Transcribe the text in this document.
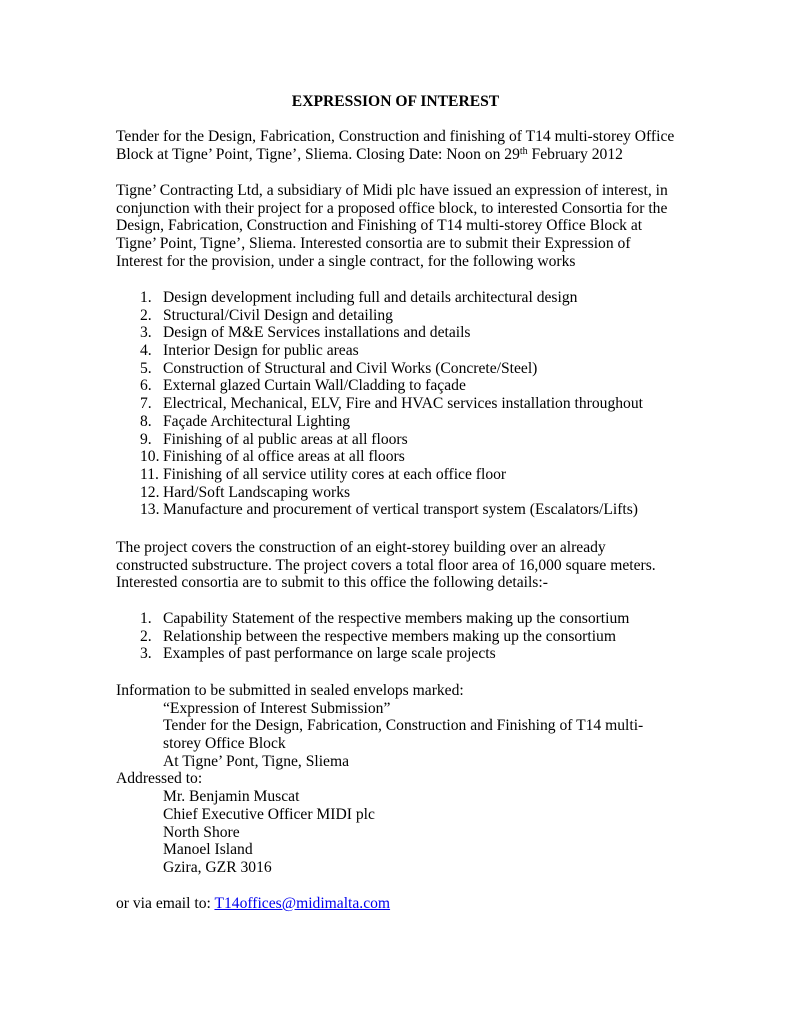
EXPRESSION OF INTEREST
Tender for the Design, Fabrication, Construction and finishing of T14 multi-storey Office
Block at Tigne’ Point, Tigne’, Sliema. Closing Date: Noon on 29th February 2012
Tigne’ Contracting Ltd, a subsidiary of Midi plc have issued an expression of interest, in
conjunction with their project for a proposed office block, to interested Consortia for the
Design, Fabrication, Construction and Finishing of T14 multi-storey Office Block at
Tigne’ Point, Tigne’, Sliema. Interested consortia are to submit their Expression of
Interest for the provision, under a single contract, for the following works
1. Design development including full and details architectural design
2. Structural/Civil Design and detailing
3. Design of M&E Services installations and details
4. Interior Design for public areas
5. Construction of Structural and Civil Works (Concrete/Steel)
6. External glazed Curtain Wall/Cladding to façade
7. Electrical, Mechanical, ELV, Fire and HVAC services installation throughout
8. Façade Architectural Lighting
9. Finishing of al public areas at all floors
10. Finishing of al office areas at all floors
11. Finishing of all service utility cores at each office floor
12. Hard/Soft Landscaping works
13. Manufacture and procurement of vertical transport system (Escalators/Lifts)
The project covers the construction of an eight-storey building over an already
constructed substructure. The project covers a total floor area of 16,000 square meters.
Interested consortia are to submit to this office the following details:-
1. Capability Statement of the respective members making up the consortium
2. Relationship between the respective members making up the consortium
3. Examples of past performance on large scale projects
Information to be submitted in sealed envelops marked:
“Expression of Interest Submission”
Tender for the Design, Fabrication, Construction and Finishing of T14 multi-
storey Office Block
At Tigne’ Pont, Tigne, Sliema
Addressed to:
Mr. Benjamin Muscat
Chief Executive Officer MIDI plc
North Shore
Manoel Island
Gzira, GZR 3016
or via email to: T14offices@midimalta.com
